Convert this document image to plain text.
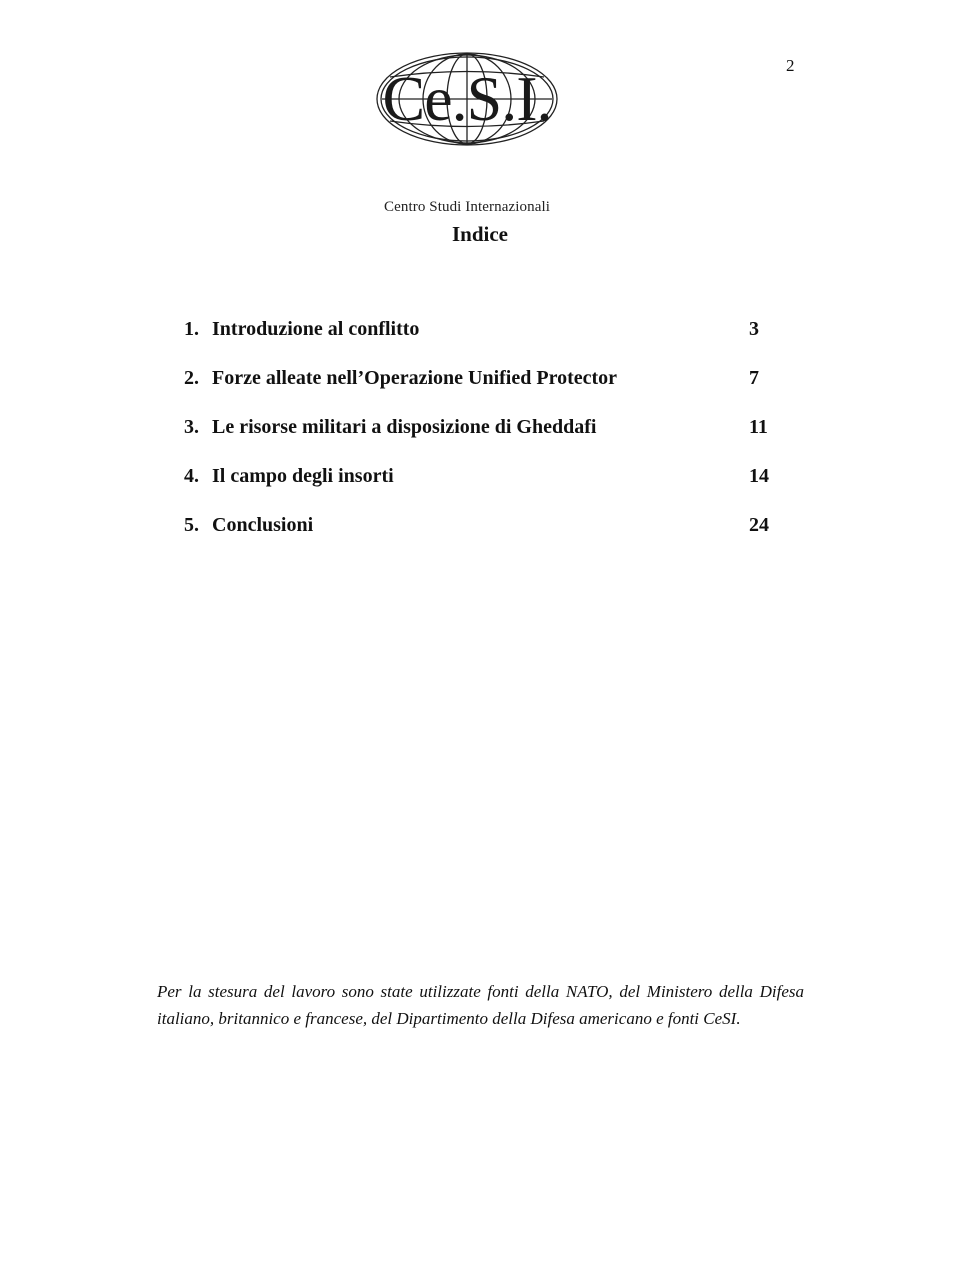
2
Ce.S.I.
Centro Studi Internazionali
Indice
1. Introduzione al conflitto	3
2. Forze alleate nell’Operazione Unified Protector	7
3. Le risorse militari a disposizione di Gheddafi	11
4. Il campo degli insorti	14
5. Conclusioni	24
Per la stesura del lavoro sono state utilizzate fonti della NATO, del Ministero della Difesa italiano, britannico e francese, del Dipartimento della Difesa americano e fonti CeSI.
